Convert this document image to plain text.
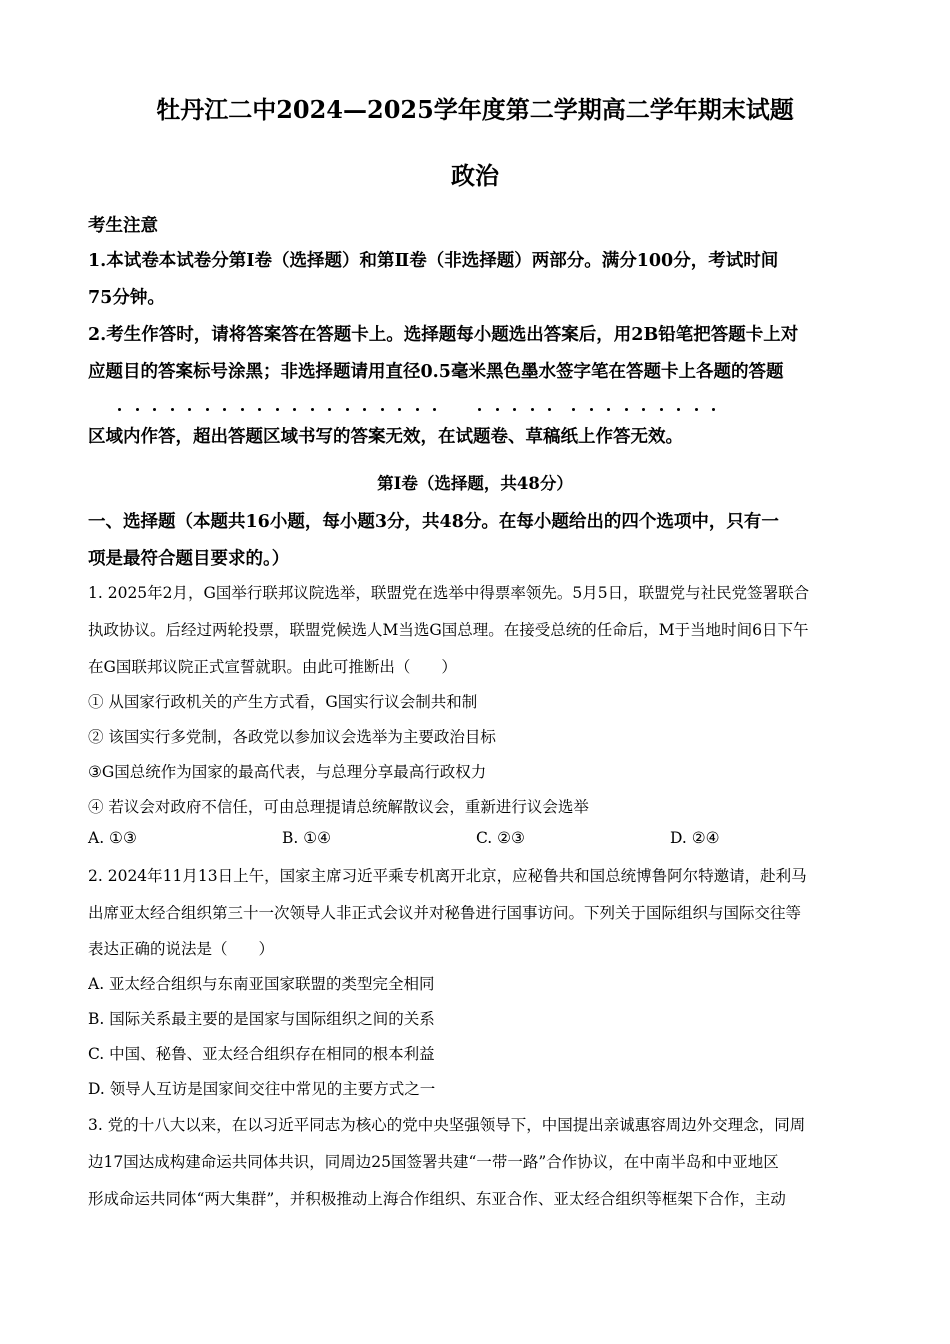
牡丹江二中2024—2025学年度第二学期高二学年期末试题
政治
考生注意
1.本试卷本试卷分第Ⅰ卷（选择题）和第Ⅱ卷（非选择题）两部分。满分100分，考试时间
75分钟。
2.考生作答时，请将答案答在答题卡上。选择题每小题选出答案后，用2B铅笔把答题卡上对
应题目的答案标号涂黑；非选择题请用直径0.5毫米黑色墨水签字笔在答题卡上各题的答题
区域内作答，超出答题区域书写的答案无效，在试题卷、草稿纸上作答无效。
第Ⅰ卷（选择题，共48分）
一、选择题（本题共16小题，每小题3分，共48分。在每小题给出的四个选项中，只有一
项是最符合题目要求的。）
1. 2025年2月，G国举行联邦议院选举，联盟党在选举中得票率领先。5月5日，联盟党与社民党签署联合
执政协议。后经过两轮投票，联盟党候选人M当选G国总理。在接受总统的任命后，M于当地时间6日下午
在G国联邦议院正式宣誓就职。由此可推断出（　　）
① 从国家行政机关的产生方式看，G国实行议会制共和制
② 该国实行多党制，各政党以参加议会选举为主要政治目标
③G国总统作为国家的最高代表，与总理分享最高行政权力
④ 若议会对政府不信任，可由总理提请总统解散议会，重新进行议会选举
A. ①③	B. ①④	C. ②③	D. ②④
2. 2024年11月13日上午，国家主席习近平乘专机离开北京，应秘鲁共和国总统博鲁阿尔特邀请，赴利马
出席亚太经合组织第三十一次领导人非正式会议并对秘鲁进行国事访问。下列关于国际组织与国际交往等
表达正确的说法是（　　）
A. 亚太经合组织与东南亚国家联盟的类型完全相同
B. 国际关系最主要的是国家与国际组织之间的关系
C. 中国、秘鲁、亚太经合组织存在相同的根本利益
D. 领导人互访是国家间交往中常见的主要方式之一
3. 党的十八大以来，在以习近平同志为核心的党中央坚强领导下，中国提出亲诚惠容周边外交理念，同周
边17国达成构建命运共同体共识，同周边25国签署共建“一带一路”合作协议，在中南半岛和中亚地区
形成命运共同体“两大集群”，并积极推动上海合作组织、东亚合作、亚太经合组织等框架下合作，主动
